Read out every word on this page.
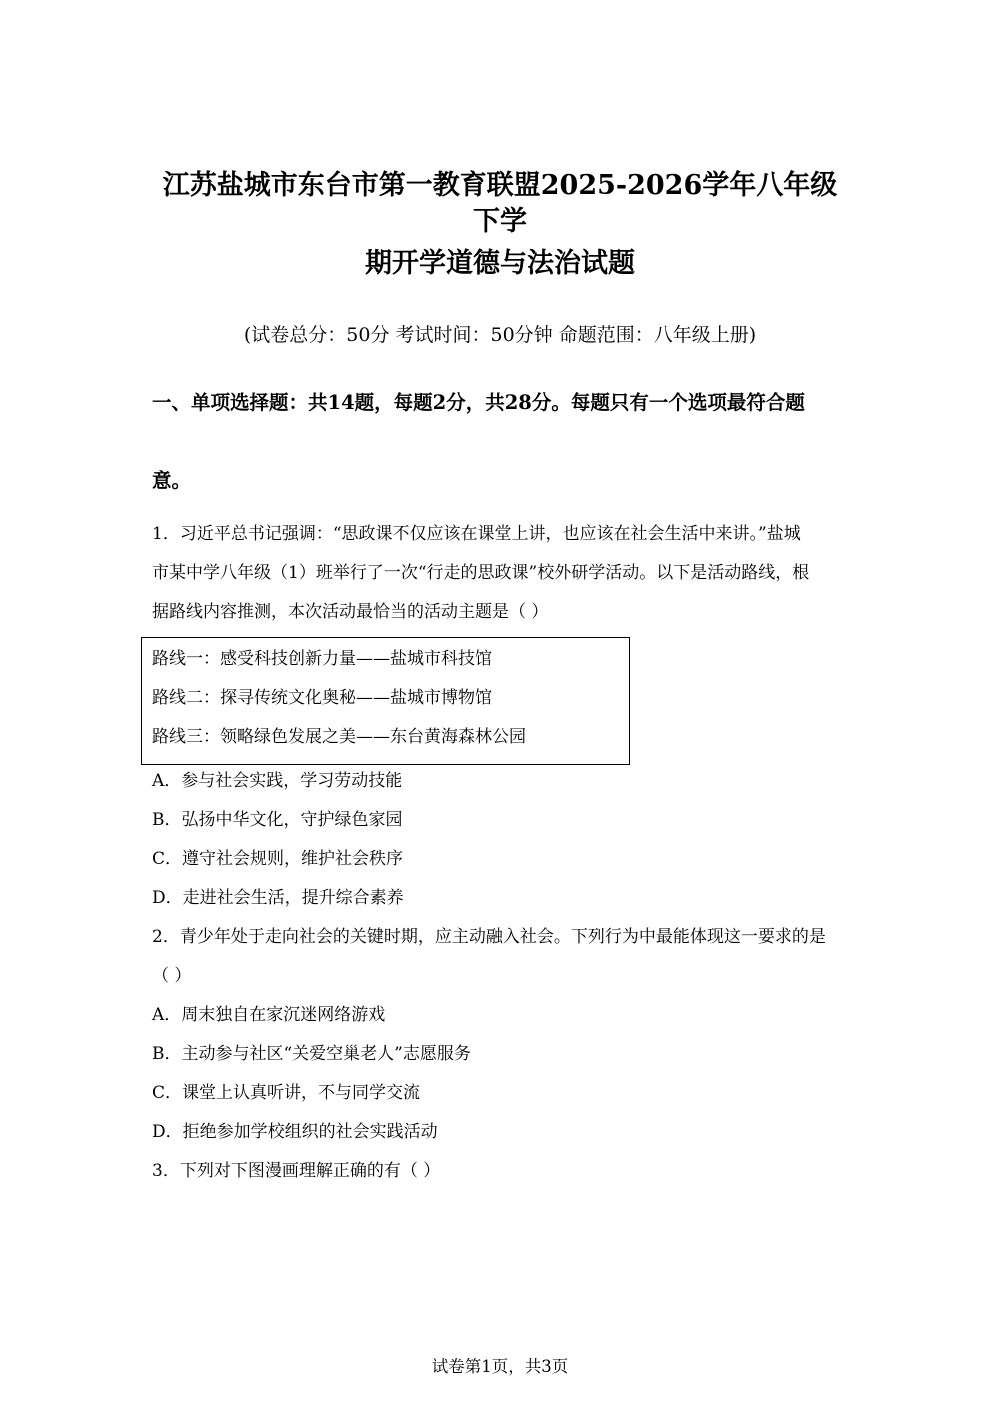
江苏盐城市东台市第一教育联盟2025-2026学年八年级下学
期开学道德与法治试题
(试卷总分：50分 考试时间：50分钟 命题范围：八年级上册)
一、单项选择题：共14题，每题2分，共28分。每题只有一个选项最符合题
意。
1．习近平总书记强调：“思政课不仅应该在课堂上讲，也应该在社会生活中来讲。”盐城
市某中学八年级（1）班举行了一次“行走的思政课”校外研学活动。以下是活动路线，根
据路线内容推测，本次活动最恰当的活动主题是（ ）
路线一：感受科技创新力量——盐城市科技馆
路线二：探寻传统文化奥秘——盐城市博物馆
路线三：领略绿色发展之美——东台黄海森林公园
A．参与社会实践，学习劳动技能
B．弘扬中华文化，守护绿色家园
C．遵守社会规则，维护社会秩序
D．走进社会生活，提升综合素养
2．青少年处于走向社会的关键时期，应主动融入社会。下列行为中最能体现这一要求的是
（ ）
A．周末独自在家沉迷网络游戏
B．主动参与社区“关爱空巢老人”志愿服务
C．课堂上认真听讲，不与同学交流
D．拒绝参加学校组织的社会实践活动
3．下列对下图漫画理解正确的有（ ）
试卷第1页，共3页
